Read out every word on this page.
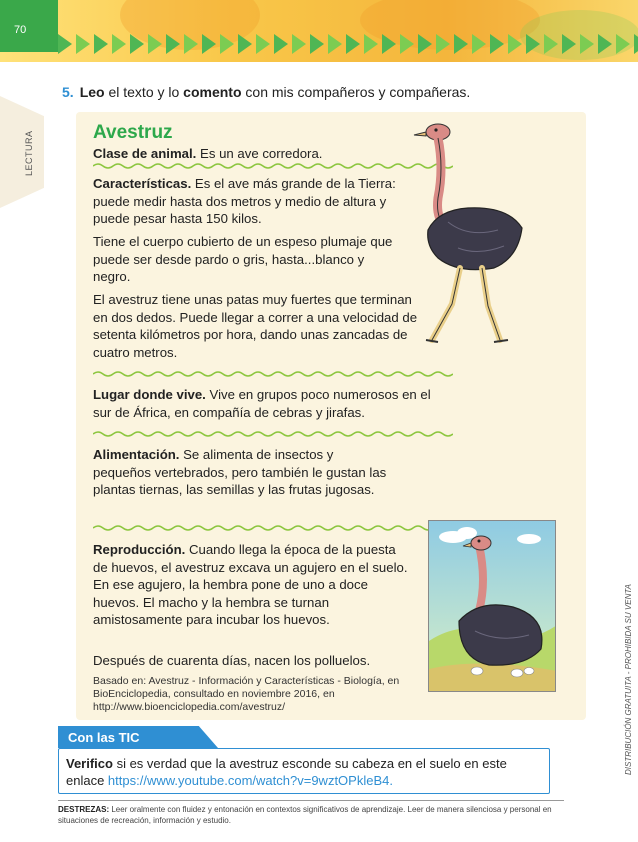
70
LECTURA
DISTRIBUCIÓN GRATUITA - PROHIBIDA SU VENTA
5. Leo el texto y lo comento con mis compañeros y compañeras.
Avestruz
Clase de animal. Es un ave corredora.
Características. Es el ave más grande de la Tierra: puede medir hasta dos metros y medio de altura y puede pesar hasta 150 kilos.
Tiene el cuerpo cubierto de un espeso plumaje que puede ser desde pardo o gris, hasta...blanco y negro.
El avestruz tiene unas patas muy fuertes que terminan en dos dedos. Puede llegar a correr a una velocidad de setenta kilómetros por hora, dando unas zancadas de cuatro metros.
Lugar donde vive. Vive en grupos poco numerosos en el sur de África, en compañía de cebras y jirafas.
Alimentación. Se alimenta de insectos y pequeños vertebrados, pero también le gustan las plantas tiernas, las semillas y las frutas jugosas.
Reproducción. Cuando llega la época de la puesta de huevos, el avestruz excava un agujero en el suelo. En ese agujero, la hembra pone de uno a doce huevos. El macho y la hembra se turnan amistosamente para incubar los huevos.
Después de cuarenta días, nacen los polluelos.
Basado en: Avestruz - Información y Características - Biología, en BioEnciclopedia, consultado en noviembre 2016, en http://www.bioenciclopedia.com/avestruz/
Con las TIC
Verifico si es verdad que la avestruz esconde su cabeza en el suelo en este enlace https://www.youtube.com/watch?v=9wztOPkleB4.
DESTREZAS: Leer oralmente con fluidez y entonación en contextos significativos de aprendizaje. Leer de manera silenciosa y personal en situaciones de recreación, información y estudio.
